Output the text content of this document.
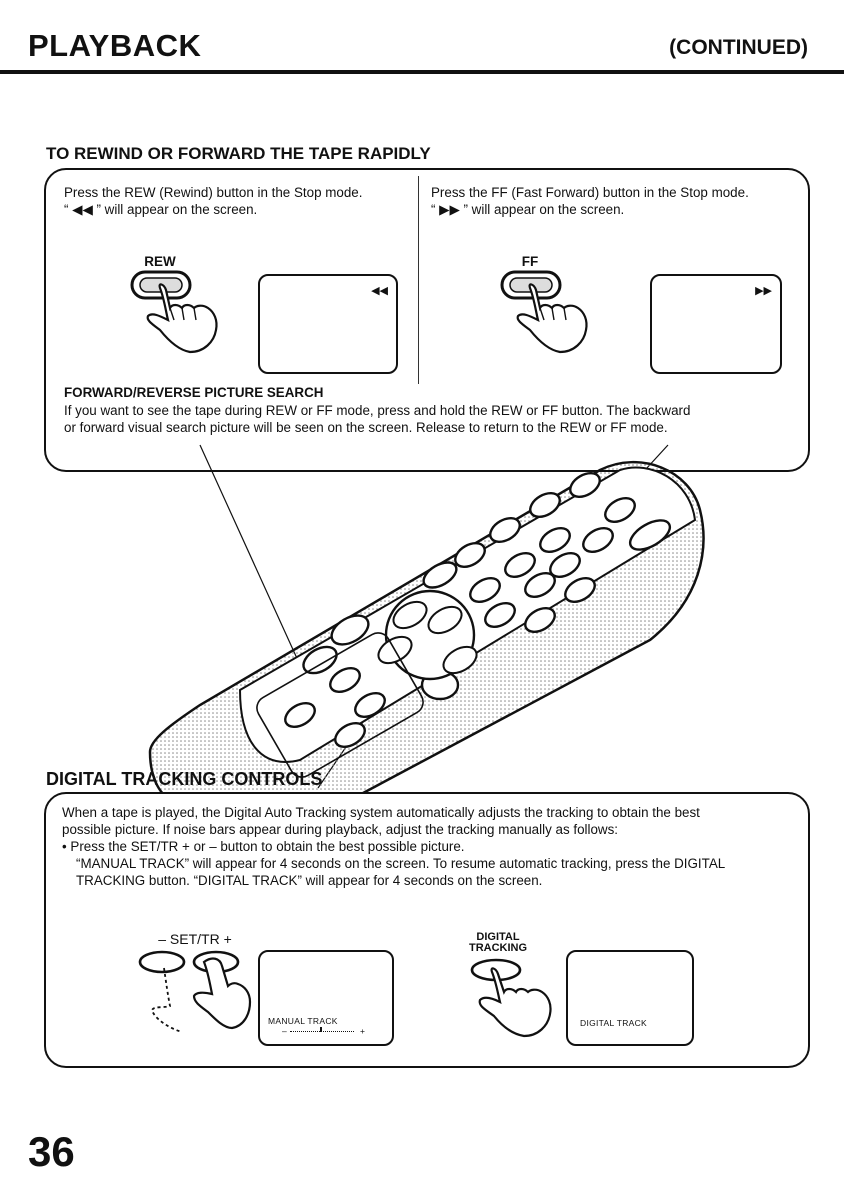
PLAYBACK	(CONTINUED)
TO REWIND OR FORWARD THE TAPE RAPIDLY
Press the REW (Rewind) button in the Stop mode.
“ ◀◀ ” will appear on the screen.
Press the FF (Fast Forward) button in the Stop mode.
“ ▶▶ ” will appear on the screen.
REW	FF
◀◀	▶▶
FORWARD/REVERSE PICTURE SEARCH
If you want to see the tape during REW or FF mode, press and hold the REW or FF button. The backward
or forward visual search picture will be seen on the screen. Release to return to the REW or FF mode.
DIGITAL TRACKING CONTROLS
When a tape is played, the Digital Auto Tracking system automatically adjusts the tracking to obtain the best
possible picture. If noise bars appear during playback, adjust the tracking manually as follows:
• Press the SET/TR + or – button to obtain the best possible picture.
“MANUAL TRACK” will appear for 4 seconds on the screen. To resume automatic tracking, press the DIGITAL
TRACKING button. “DIGITAL TRACK” will appear for 4 seconds on the screen.
– SET/TR +	DIGITAL
TRACKING
MANUAL TRACK
–	+
DIGITAL TRACK
36
